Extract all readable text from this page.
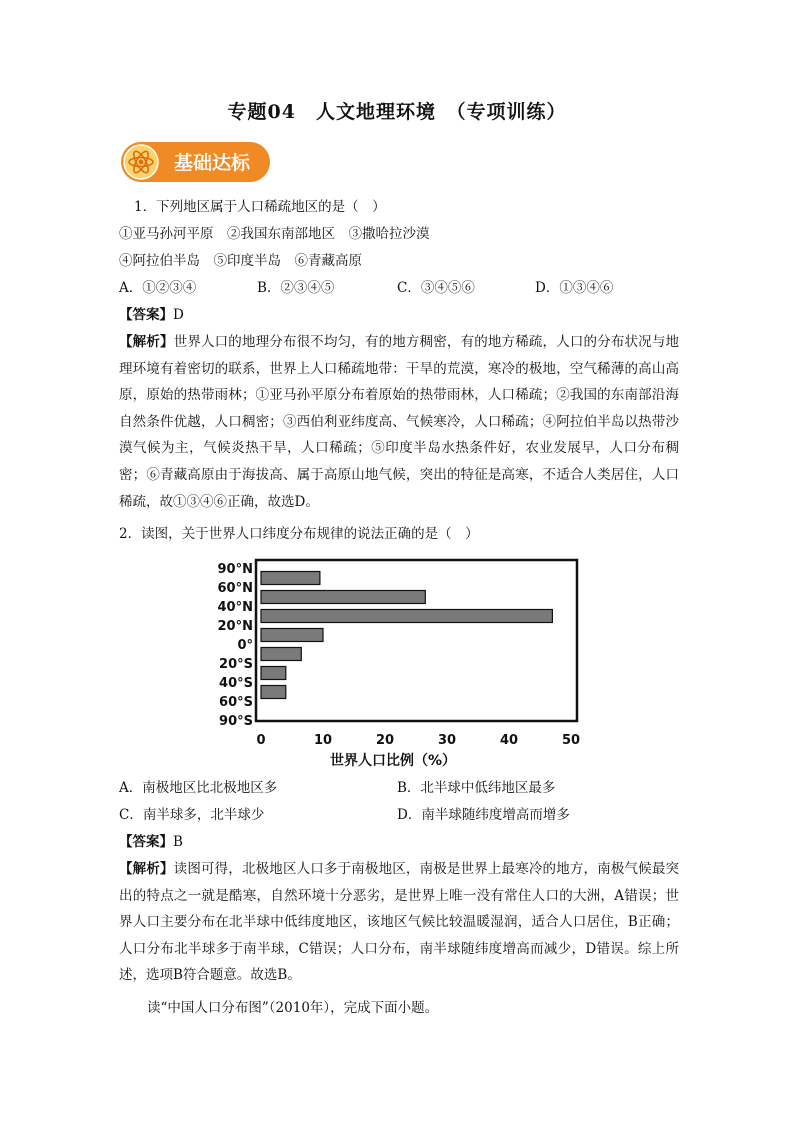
专题04　人文地理环境　（专项训练）
基础达标
1．下列地区属于人口稀疏地区的是（　）
①亚马孙河平原　②我国东南部地区　③撒哈拉沙漠
④阿拉伯半岛　⑤印度半岛　⑥青藏高原
A．①②③④	B．②③④⑤	C．③④⑤⑥	D．①③④⑥
【答案】D
【解析】世界人口的地理分布很不均匀，有的地方稠密，有的地方稀疏，人口的分布状况与地理环境有着密切的联系，世界上人口稀疏地带：干旱的荒漠，寒冷的极地，空气稀薄的高山高原，原始的热带雨林；①亚马孙平原分布着原始的热带雨林，人口稀疏；②我国的东南部沿海自然条件优越，人口稠密；③西伯利亚纬度高、气候寒冷，人口稀疏；④阿拉伯半岛以热带沙漠气候为主，气候炎热干旱，人口稀疏；⑤印度半岛水热条件好，农业发展早，人口分布稠密；⑥青藏高原由于海拔高、属于高原山地气候，突出的特征是高寒，不适合人类居住，人口稀疏，故①③④⑥正确，故选D。
2．读图，关于世界人口纬度分布规律的说法正确的是（　）
90°N
60°N
40°N
20°N
0°
20°S
40°S
60°S
90°S
0	10	20	30	40	50
世界人口比例（%）
A．南极地区比北极地区多	B．北半球中低纬地区最多
C．南半球多，北半球少	D．南半球随纬度增高而增多
【答案】B
【解析】读图可得，北极地区人口多于南极地区，南极是世界上最寒冷的地方，南极气候最突出的特点之一就是酷寒，自然环境十分恶劣，是世界上唯一没有常住人口的大洲，A错误；世界人口主要分布在北半球中低纬度地区，该地区气候比较温暖湿润，适合人口居住，B正确；人口分布北半球多于南半球，C错误；人口分布，南半球随纬度增高而减少，D错误。综上所述，选项B符合题意。故选B。
读“中国人口分布图”（2010年），完成下面小题。
